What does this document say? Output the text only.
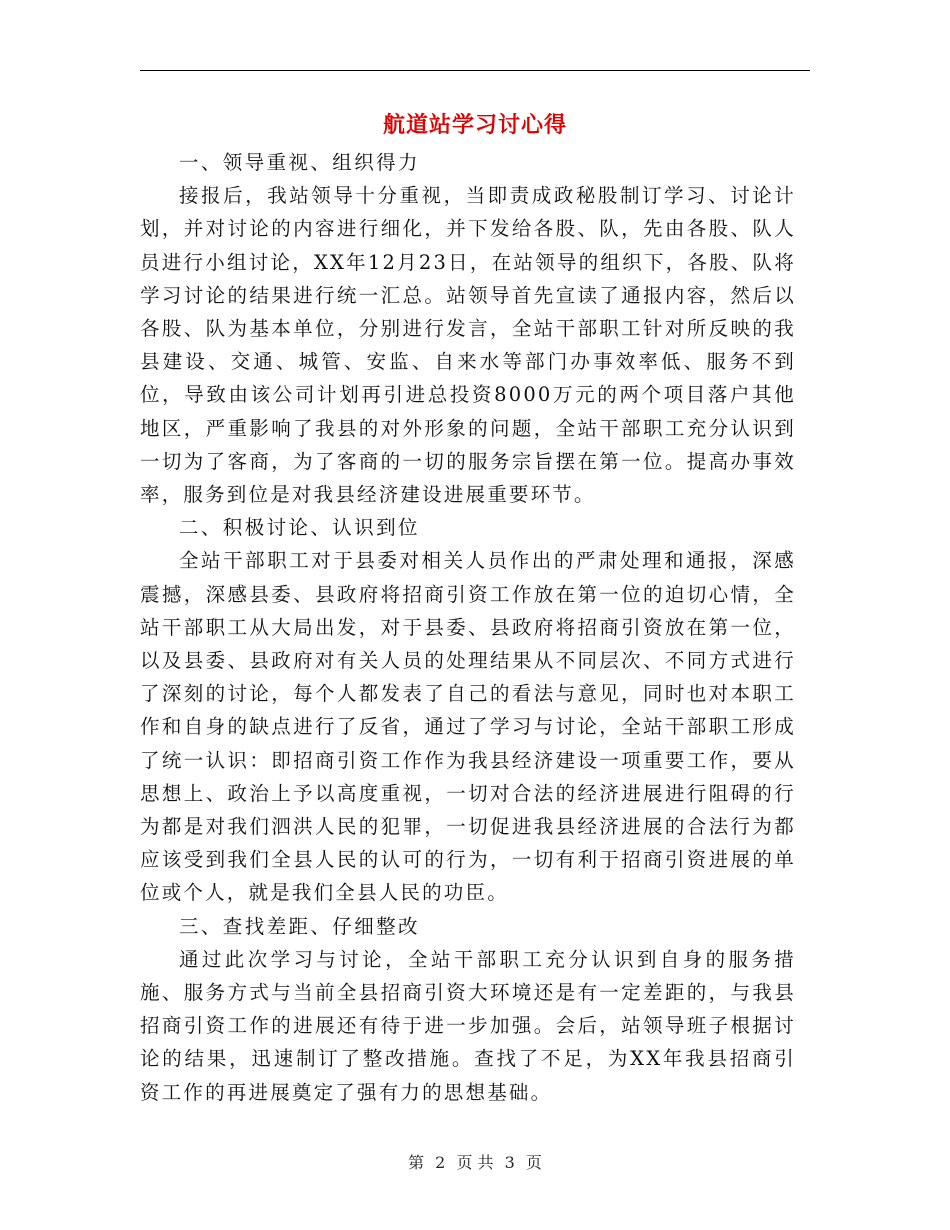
航道站学习讨心得

一、领导重视、组织得力

接报后，我站领导十分重视，当即责成政秘股制订学习、讨论计划，并对讨论的内容进行细化，并下发给各股、队，先由各股、队人员进行小组讨论，XX年12月23日，在站领导的组织下，各股、队将学习讨论的结果进行统一汇总。站领导首先宣读了通报内容，然后以各股、队为基本单位，分别进行发言，全站干部职工针对所反映的我县建设、交通、城管、安监、自来水等部门办事效率低、服务不到位，导致由该公司计划再引进总投资8000万元的两个项目落户其他地区，严重影响了我县的对外形象的问题，全站干部职工充分认识到一切为了客商，为了客商的一切的服务宗旨摆在第一位。提高办事效率，服务到位是对我县经济建设进展重要环节。

二、积极讨论、认识到位

全站干部职工对于县委对相关人员作出的严肃处理和通报，深感震撼，深感县委、县政府将招商引资工作放在第一位的迫切心情，全站干部职工从大局出发，对于县委、县政府将招商引资放在第一位，以及县委、县政府对有关人员的处理结果从不同层次、不同方式进行了深刻的讨论，每个人都发表了自己的看法与意见，同时也对本职工作和自身的缺点进行了反省，通过了学习与讨论，全站干部职工形成了统一认识：即招商引资工作作为我县经济建设一项重要工作，要从思想上、政治上予以高度重视，一切对合法的经济进展进行阻碍的行为都是对我们泗洪人民的犯罪，一切促进我县经济进展的合法行为都应该受到我们全县人民的认可的行为，一切有利于招商引资进展的单位或个人，就是我们全县人民的功臣。

三、查找差距、仔细整改

通过此次学习与讨论，全站干部职工充分认识到自身的服务措施、服务方式与当前全县招商引资大环境还是有一定差距的，与我县招商引资工作的进展还有待于进一步加强。会后，站领导班子根据讨论的结果，迅速制订了整改措施。查找了不足，为XX年我县招商引资工作的再进展奠定了强有力的思想基础。

第 2 页 共 3 页
